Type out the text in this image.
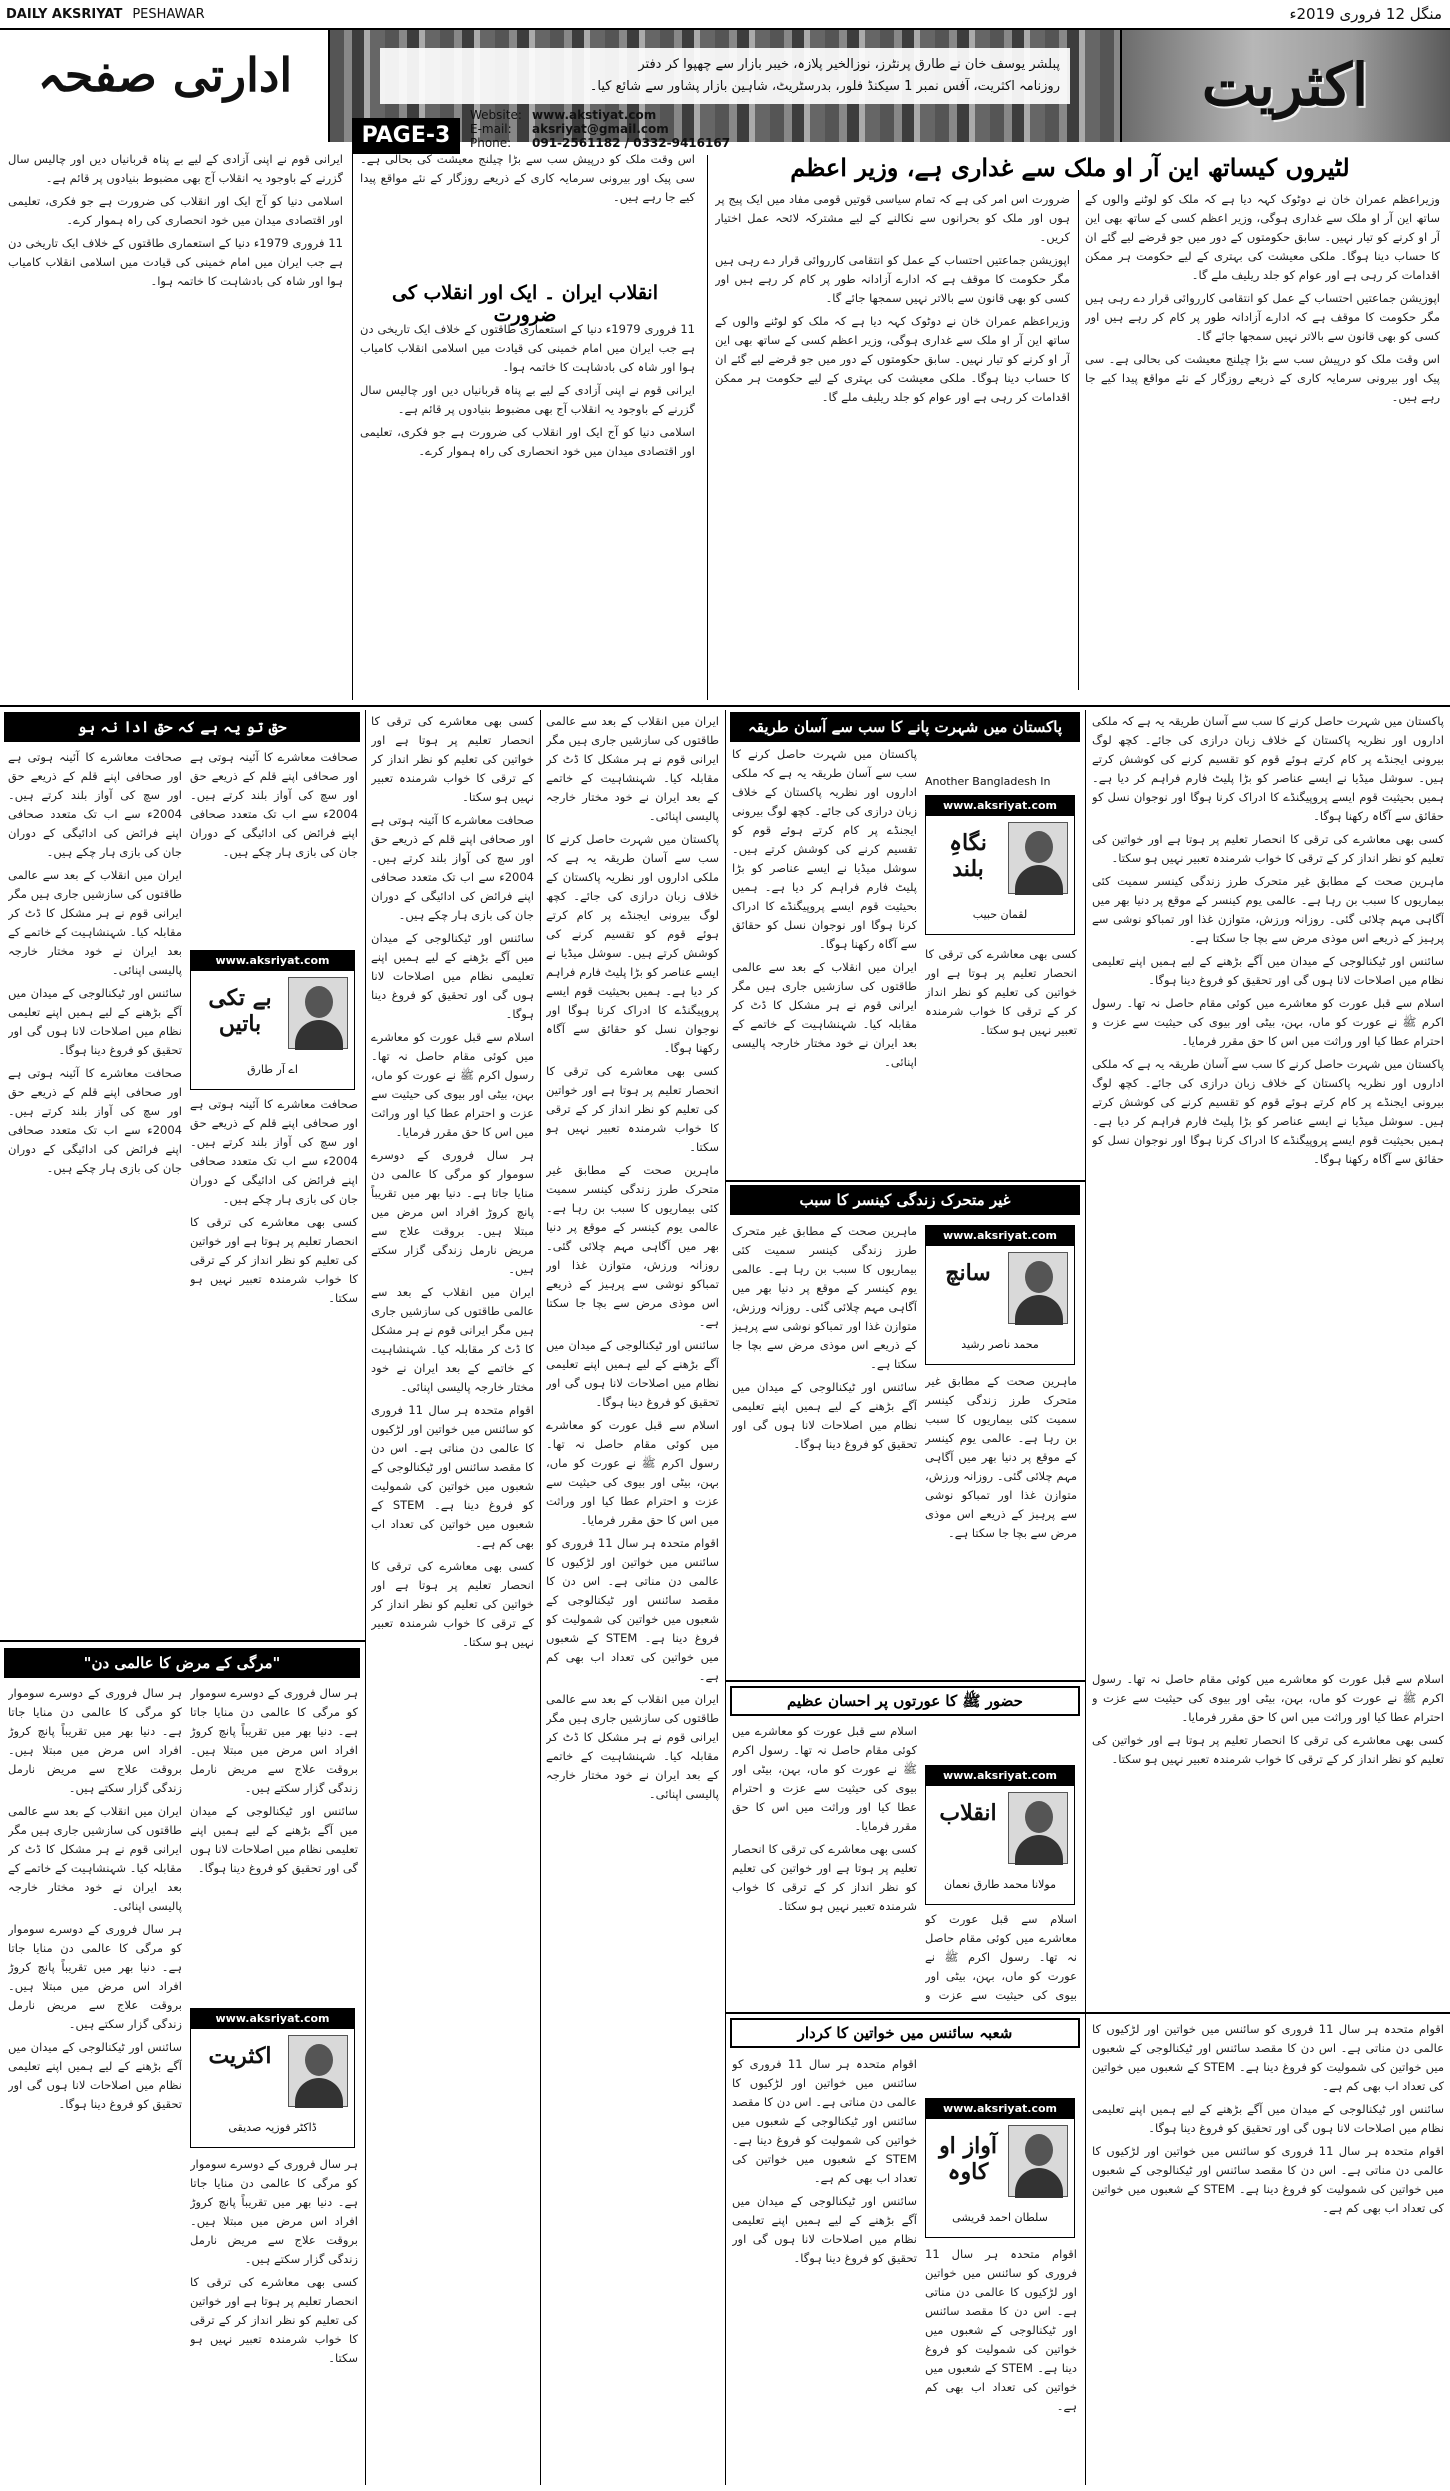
DAILY AKSRIYAT PESHAWAR	منگل 12 فروری 2019ء
ادارتی صفحہ	پبلشر یوسف خان نے طارق پرنٹرز، نوزالخیر پلازہ، خیبر بازار سے چھپوا کر دفتر
روزنامہ اکثریت، آفس نمبر 1 سیکنڈ فلور، بدرسٹریٹ، شاہین بازار پشاور سے شائع کیا۔	اکثریت
PAGE-3
Website: www.akstiyat.com
E-mail:	aksriyat@gmail.com
Phone:	091-2561182 / 0332-9416167
لٹیروں کیساتھ این آر او ملک سے غداری ہے، وزیر اعظم

وزیراعظم عمران خان نے دوٹوک کہہ دیا ہے کہ ملک کو لوٹنے والوں کے ساتھ این آر او ملک سے غداری ہوگی، وزیر اعظم کسی کے ساتھ بھی این آر او کرنے کو تیار نہیں۔ سابق حکومتوں کے دور میں جو قرضے لیے گئے ان کا حساب دینا ہوگا۔ ملکی معیشت کی بہتری کے لیے حکومت ہر ممکن اقدامات کر رہی ہے اور عوام کو جلد ریلیف ملے گا۔

اپوزیشن جماعتیں احتساب کے عمل کو انتقامی کارروائی قرار دے رہی ہیں مگر حکومت کا موقف ہے کہ ادارے آزادانہ طور پر کام کر رہے ہیں اور کسی کو بھی قانون سے بالاتر نہیں سمجھا جائے گا۔

اس وقت ملک کو درپیش سب سے بڑا چیلنج معیشت کی بحالی ہے۔ سی پیک اور بیرونی سرمایہ کاری کے ذریعے روزگار کے نئے مواقع پیدا کیے جا رہے ہیں۔

ضرورت اس امر کی ہے کہ تمام سیاسی قوتیں قومی مفاد میں ایک پیج پر ہوں اور ملک کو بحرانوں سے نکالنے کے لیے مشترکہ لائحہ عمل اختیار کریں۔

اپوزیشن جماعتیں احتساب کے عمل کو انتقامی کارروائی قرار دے رہی ہیں مگر حکومت کا موقف ہے کہ ادارے آزادانہ طور پر کام کر رہے ہیں اور کسی کو بھی قانون سے بالاتر نہیں سمجھا جائے گا۔

وزیراعظم عمران خان نے دوٹوک کہہ دیا ہے کہ ملک کو لوٹنے والوں کے ساتھ این آر او ملک سے غداری ہوگی، وزیر اعظم کسی کے ساتھ بھی این آر او کرنے کو تیار نہیں۔ سابق حکومتوں کے دور میں جو قرضے لیے گئے ان کا حساب دینا ہوگا۔ ملکی معیشت کی بہتری کے لیے حکومت ہر ممکن اقدامات کر رہی ہے اور عوام کو جلد ریلیف ملے گا۔

اس وقت ملک کو درپیش سب سے بڑا چیلنج معیشت کی بحالی ہے۔ سی پیک اور بیرونی سرمایہ کاری کے ذریعے روزگار کے نئے مواقع پیدا کیے جا رہے ہیں۔

انقلاب ایران ۔ ایک اور انقلاب کی ضرورت

11 فروری 1979ء دنیا کے استعماری طاقتوں کے خلاف ایک تاریخی دن ہے جب ایران میں امام خمینی کی قیادت میں اسلامی انقلاب کامیاب ہوا اور شاہ کی بادشاہت کا خاتمہ ہوا۔

ایرانی قوم نے اپنی آزادی کے لیے بے پناہ قربانیاں دیں اور چالیس سال گزرنے کے باوجود یہ انقلاب آج بھی مضبوط بنیادوں پر قائم ہے۔

اسلامی دنیا کو آج ایک اور انقلاب کی ضرورت ہے جو فکری، تعلیمی اور اقتصادی میدان میں خود انحصاری کی راہ ہموار کرے۔

ایرانی قوم نے اپنی آزادی کے لیے بے پناہ قربانیاں دیں اور چالیس سال گزرنے کے باوجود یہ انقلاب آج بھی مضبوط بنیادوں پر قائم ہے۔

اسلامی دنیا کو آج ایک اور انقلاب کی ضرورت ہے جو فکری، تعلیمی اور اقتصادی میدان میں خود انحصاری کی راہ ہموار کرے۔

11 فروری 1979ء دنیا کے استعماری طاقتوں کے خلاف ایک تاریخی دن ہے جب ایران میں امام خمینی کی قیادت میں اسلامی انقلاب کامیاب ہوا اور شاہ کی بادشاہت کا خاتمہ ہوا۔

پاکستان میں شہرت حاصل کرنے کا سب سے آسان طریقہ یہ ہے کہ ملکی اداروں اور نظریہ پاکستان کے خلاف زبان درازی کی جائے۔ کچھ لوگ بیرونی ایجنڈے پر کام کرتے ہوئے قوم کو تقسیم کرنے کی کوشش کرتے ہیں۔ سوشل میڈیا نے ایسے عناصر کو بڑا پلیٹ فارم فراہم کر دیا ہے۔ ہمیں بحیثیت قوم ایسے پروپیگنڈے کا ادراک کرنا ہوگا اور نوجوان نسل کو حقائق سے آگاہ رکھنا ہوگا۔

کسی بھی معاشرے کی ترقی کا انحصار تعلیم پر ہوتا ہے اور خواتین کی تعلیم کو نظر انداز کر کے ترقی کا خواب شرمندہ تعبیر نہیں ہو سکتا۔

ماہرین صحت کے مطابق غیر متحرک طرز زندگی کینسر سمیت کئی بیماریوں کا سبب بن رہا ہے۔ عالمی یوم کینسر کے موقع پر دنیا بھر میں آگاہی مہم چلائی گئی۔ روزانہ ورزش، متوازن غذا اور تمباکو نوشی سے پرہیز کے ذریعے اس موذی مرض سے بچا جا سکتا ہے۔

سائنس اور ٹیکنالوجی کے میدان میں آگے بڑھنے کے لیے ہمیں اپنے تعلیمی نظام میں اصلاحات لانا ہوں گی اور تحقیق کو فروغ دینا ہوگا۔

اسلام سے قبل عورت کو معاشرے میں کوئی مقام حاصل نہ تھا۔ رسول اکرم ﷺ نے عورت کو ماں، بہن، بیٹی اور بیوی کی حیثیت سے عزت و احترام عطا کیا اور وراثت میں اس کا حق مقرر فرمایا۔

پاکستان میں شہرت حاصل کرنے کا سب سے آسان طریقہ یہ ہے کہ ملکی اداروں اور نظریہ پاکستان کے خلاف زبان درازی کی جائے۔ کچھ لوگ بیرونی ایجنڈے پر کام کرتے ہوئے قوم کو تقسیم کرنے کی کوشش کرتے ہیں۔ سوشل میڈیا نے ایسے عناصر کو بڑا پلیٹ فارم فراہم کر دیا ہے۔ ہمیں بحیثیت قوم ایسے پروپیگنڈے کا ادراک کرنا ہوگا اور نوجوان نسل کو حقائق سے آگاہ رکھنا ہوگا۔

اسلام سے قبل عورت کو معاشرے میں کوئی مقام حاصل نہ تھا۔ رسول اکرم ﷺ نے عورت کو ماں، بہن، بیٹی اور بیوی کی حیثیت سے عزت و احترام عطا کیا اور وراثت میں اس کا حق مقرر فرمایا۔

کسی بھی معاشرے کی ترقی کا انحصار تعلیم پر ہوتا ہے اور خواتین کی تعلیم کو نظر انداز کر کے ترقی کا خواب شرمندہ تعبیر نہیں ہو سکتا۔

اقوام متحدہ ہر سال 11 فروری کو سائنس میں خواتین اور لڑکیوں کا عالمی دن مناتی ہے۔ اس دن کا مقصد سائنس اور ٹیکنالوجی کے شعبوں میں خواتین کی شمولیت کو فروغ دینا ہے۔ STEM کے شعبوں میں خواتین کی تعداد اب بھی کم ہے۔

سائنس اور ٹیکنالوجی کے میدان میں آگے بڑھنے کے لیے ہمیں اپنے تعلیمی نظام میں اصلاحات لانا ہوں گی اور تحقیق کو فروغ دینا ہوگا۔

اقوام متحدہ ہر سال 11 فروری کو سائنس میں خواتین اور لڑکیوں کا عالمی دن مناتی ہے۔ اس دن کا مقصد سائنس اور ٹیکنالوجی کے شعبوں میں خواتین کی شمولیت کو فروغ دینا ہے۔ STEM کے شعبوں میں خواتین کی تعداد اب بھی کم ہے۔

پاکستان میں شہرت پانے کا سب سے آسان طریقہ
www.aksriyat.com
نگاہِ بلند
لقمان حبیب
Another Bangladesh In

پاکستان میں شہرت حاصل کرنے کا سب سے آسان طریقہ یہ ہے کہ ملکی اداروں اور نظریہ پاکستان کے خلاف زبان درازی کی جائے۔ کچھ لوگ بیرونی ایجنڈے پر کام کرتے ہوئے قوم کو تقسیم کرنے کی کوشش کرتے ہیں۔ سوشل میڈیا نے ایسے عناصر کو بڑا پلیٹ فارم فراہم کر دیا ہے۔ ہمیں بحیثیت قوم ایسے پروپیگنڈے کا ادراک کرنا ہوگا اور نوجوان نسل کو حقائق سے آگاہ رکھنا ہوگا۔

ایران میں انقلاب کے بعد سے عالمی طاقتوں کی سازشیں جاری ہیں مگر ایرانی قوم نے ہر مشکل کا ڈٹ کر مقابلہ کیا۔ شہنشاہیت کے خاتمے کے بعد ایران نے خود مختار خارجہ پالیسی اپنائی۔

کسی بھی معاشرے کی ترقی کا انحصار تعلیم پر ہوتا ہے اور خواتین کی تعلیم کو نظر انداز کر کے ترقی کا خواب شرمندہ تعبیر نہیں ہو سکتا۔

غیر متحرک زندگی کینسر کا سبب
www.aksriyat.com
سانچ
محمد ناصر رشید

ماہرین صحت کے مطابق غیر متحرک طرز زندگی کینسر سمیت کئی بیماریوں کا سبب بن رہا ہے۔ عالمی یوم کینسر کے موقع پر دنیا بھر میں آگاہی مہم چلائی گئی۔ روزانہ ورزش، متوازن غذا اور تمباکو نوشی سے پرہیز کے ذریعے اس موذی مرض سے بچا جا سکتا ہے۔

سائنس اور ٹیکنالوجی کے میدان میں آگے بڑھنے کے لیے ہمیں اپنے تعلیمی نظام میں اصلاحات لانا ہوں گی اور تحقیق کو فروغ دینا ہوگا۔

ماہرین صحت کے مطابق غیر متحرک طرز زندگی کینسر سمیت کئی بیماریوں کا سبب بن رہا ہے۔ عالمی یوم کینسر کے موقع پر دنیا بھر میں آگاہی مہم چلائی گئی۔ روزانہ ورزش، متوازن غذا اور تمباکو نوشی سے پرہیز کے ذریعے اس موذی مرض سے بچا جا سکتا ہے۔

حضور ﷺ کا عورتوں پر احسان عظیم
www.aksriyat.com
انقلاب
مولانا محمد طارق نعمان

اسلام سے قبل عورت کو معاشرے میں کوئی مقام حاصل نہ تھا۔ رسول اکرم ﷺ نے عورت کو ماں، بہن، بیٹی اور بیوی کی حیثیت سے عزت و احترام عطا کیا اور وراثت میں اس کا حق مقرر فرمایا۔

کسی بھی معاشرے کی ترقی کا انحصار تعلیم پر ہوتا ہے اور خواتین کی تعلیم کو نظر انداز کر کے ترقی کا خواب شرمندہ تعبیر نہیں ہو سکتا۔

اسلام سے قبل عورت کو معاشرے میں کوئی مقام حاصل نہ تھا۔ رسول اکرم ﷺ نے عورت کو ماں، بہن، بیٹی اور بیوی کی حیثیت سے عزت و

شعبہ سائنس میں خواتین کا کردار
www.aksriyat.com
آواز او کاوہ
سلطان احمد قریشی

اقوام متحدہ ہر سال 11 فروری کو سائنس میں خواتین اور لڑکیوں کا عالمی دن مناتی ہے۔ اس دن کا مقصد سائنس اور ٹیکنالوجی کے شعبوں میں خواتین کی شمولیت کو فروغ دینا ہے۔ STEM کے شعبوں میں خواتین کی تعداد اب بھی کم ہے۔

سائنس اور ٹیکنالوجی کے میدان میں آگے بڑھنے کے لیے ہمیں اپنے تعلیمی نظام میں اصلاحات لانا ہوں گی اور تحقیق کو فروغ دینا ہوگا۔ اقوام متحدہ ہر سال 11 فروری کو سائنس میں خواتین اور لڑکیوں کا عالمی دن مناتی ہے۔ اس دن کا مقصد سائنس اور ٹیکنالوجی کے شعبوں میں خواتین کی شمولیت کو فروغ دینا ہے۔ STEM کے شعبوں میں خواتین کی تعداد اب بھی کم ہے۔

ایران میں انقلاب کے بعد سے عالمی طاقتوں کی سازشیں جاری ہیں مگر ایرانی قوم نے ہر مشکل کا ڈٹ کر مقابلہ کیا۔ شہنشاہیت کے خاتمے کے بعد ایران نے خود مختار خارجہ پالیسی اپنائی۔

پاکستان میں شہرت حاصل کرنے کا سب سے آسان طریقہ یہ ہے کہ ملکی اداروں اور نظریہ پاکستان کے خلاف زبان درازی کی جائے۔ کچھ لوگ بیرونی ایجنڈے پر کام کرتے ہوئے قوم کو تقسیم کرنے کی کوشش کرتے ہیں۔ سوشل میڈیا نے ایسے عناصر کو بڑا پلیٹ فارم فراہم کر دیا ہے۔ ہمیں بحیثیت قوم ایسے پروپیگنڈے کا ادراک کرنا ہوگا اور نوجوان نسل کو حقائق سے آگاہ رکھنا ہوگا۔

کسی بھی معاشرے کی ترقی کا انحصار تعلیم پر ہوتا ہے اور خواتین کی تعلیم کو نظر انداز کر کے ترقی کا خواب شرمندہ تعبیر نہیں ہو سکتا۔

ماہرین صحت کے مطابق غیر متحرک طرز زندگی کینسر سمیت کئی بیماریوں کا سبب بن رہا ہے۔ عالمی یوم کینسر کے موقع پر دنیا بھر میں آگاہی مہم چلائی گئی۔ روزانہ ورزش، متوازن غذا اور تمباکو نوشی سے پرہیز کے ذریعے اس موذی مرض سے بچا جا سکتا ہے۔

سائنس اور ٹیکنالوجی کے میدان میں آگے بڑھنے کے لیے ہمیں اپنے تعلیمی نظام میں اصلاحات لانا ہوں گی اور تحقیق کو فروغ دینا ہوگا۔

اسلام سے قبل عورت کو معاشرے میں کوئی مقام حاصل نہ تھا۔ رسول اکرم ﷺ نے عورت کو ماں، بہن، بیٹی اور بیوی کی حیثیت سے عزت و احترام عطا کیا اور وراثت میں اس کا حق مقرر فرمایا۔

اقوام متحدہ ہر سال 11 فروری کو سائنس میں خواتین اور لڑکیوں کا عالمی دن مناتی ہے۔ اس دن کا مقصد سائنس اور ٹیکنالوجی کے شعبوں میں خواتین کی شمولیت کو فروغ دینا ہے۔ STEM کے شعبوں میں خواتین کی تعداد اب بھی کم ہے۔

ایران میں انقلاب کے بعد سے عالمی طاقتوں کی سازشیں جاری ہیں مگر ایرانی قوم نے ہر مشکل کا ڈٹ کر مقابلہ کیا۔ شہنشاہیت کے خاتمے کے بعد ایران نے خود مختار خارجہ پالیسی اپنائی۔

کسی بھی معاشرے کی ترقی کا انحصار تعلیم پر ہوتا ہے اور خواتین کی تعلیم کو نظر انداز کر کے ترقی کا خواب شرمندہ تعبیر نہیں ہو سکتا۔

صحافت معاشرے کا آئینہ ہوتی ہے اور صحافی اپنے قلم کے ذریعے حق اور سچ کی آواز بلند کرتے ہیں۔ 2004ء سے اب تک متعدد صحافی اپنے فرائض کی ادائیگی کے دوران جان کی بازی ہار چکے ہیں۔

سائنس اور ٹیکنالوجی کے میدان میں آگے بڑھنے کے لیے ہمیں اپنے تعلیمی نظام میں اصلاحات لانا ہوں گی اور تحقیق کو فروغ دینا ہوگا۔

اسلام سے قبل عورت کو معاشرے میں کوئی مقام حاصل نہ تھا۔ رسول اکرم ﷺ نے عورت کو ماں، بہن، بیٹی اور بیوی کی حیثیت سے عزت و احترام عطا کیا اور وراثت میں اس کا حق مقرر فرمایا۔

ہر سال فروری کے دوسرے سوموار کو مرگی کا عالمی دن منایا جاتا ہے۔ دنیا بھر میں تقریباً پانچ کروڑ افراد اس مرض میں مبتلا ہیں۔ بروقت علاج سے مریض نارمل زندگی گزار سکتے ہیں۔

ایران میں انقلاب کے بعد سے عالمی طاقتوں کی سازشیں جاری ہیں مگر ایرانی قوم نے ہر مشکل کا ڈٹ کر مقابلہ کیا۔ شہنشاہیت کے خاتمے کے بعد ایران نے خود مختار خارجہ پالیسی اپنائی۔

اقوام متحدہ ہر سال 11 فروری کو سائنس میں خواتین اور لڑکیوں کا عالمی دن مناتی ہے۔ اس دن کا مقصد سائنس اور ٹیکنالوجی کے شعبوں میں خواتین کی شمولیت کو فروغ دینا ہے۔ STEM کے شعبوں میں خواتین کی تعداد اب بھی کم ہے۔

کسی بھی معاشرے کی ترقی کا انحصار تعلیم پر ہوتا ہے اور خواتین کی تعلیم کو نظر انداز کر کے ترقی کا خواب شرمندہ تعبیر نہیں ہو سکتا۔

حق تو یہ ہے کہ حق ادا نہ ہو
www.aksriyat.com
بے تکی باتیں
اے آر طارق

صحافت معاشرے کا آئینہ ہوتی ہے اور صحافی اپنے قلم کے ذریعے حق اور سچ کی آواز بلند کرتے ہیں۔ 2004ء سے اب تک متعدد صحافی اپنے فرائض کی ادائیگی کے دوران جان کی بازی ہار چکے ہیں۔

صحافت معاشرے کا آئینہ ہوتی ہے اور صحافی اپنے قلم کے ذریعے حق اور سچ کی آواز بلند کرتے ہیں۔ 2004ء سے اب تک متعدد صحافی اپنے فرائض کی ادائیگی کے دوران جان کی بازی ہار چکے ہیں۔

کسی بھی معاشرے کی ترقی کا انحصار تعلیم پر ہوتا ہے اور خواتین کی تعلیم کو نظر انداز کر کے ترقی کا خواب شرمندہ تعبیر نہیں ہو سکتا۔

صحافت معاشرے کا آئینہ ہوتی ہے اور صحافی اپنے قلم کے ذریعے حق اور سچ کی آواز بلند کرتے ہیں۔ 2004ء سے اب تک متعدد صحافی اپنے فرائض کی ادائیگی کے دوران جان کی بازی ہار چکے ہیں۔

ایران میں انقلاب کے بعد سے عالمی طاقتوں کی سازشیں جاری ہیں مگر ایرانی قوم نے ہر مشکل کا ڈٹ کر مقابلہ کیا۔ شہنشاہیت کے خاتمے کے بعد ایران نے خود مختار خارجہ پالیسی اپنائی۔

سائنس اور ٹیکنالوجی کے میدان میں آگے بڑھنے کے لیے ہمیں اپنے تعلیمی نظام میں اصلاحات لانا ہوں گی اور تحقیق کو فروغ دینا ہوگا۔

صحافت معاشرے کا آئینہ ہوتی ہے اور صحافی اپنے قلم کے ذریعے حق اور سچ کی آواز بلند کرتے ہیں۔ 2004ء سے اب تک متعدد صحافی اپنے فرائض کی ادائیگی کے دوران جان کی بازی ہار چکے ہیں۔

"مرگی کے مرض کا عالمی دن"
www.aksriyat.com
اکثریت
ڈاکٹر فوزیہ صدیقی

ہر سال فروری کے دوسرے سوموار کو مرگی کا عالمی دن منایا جاتا ہے۔ دنیا بھر میں تقریباً پانچ کروڑ افراد اس مرض میں مبتلا ہیں۔ بروقت علاج سے مریض نارمل زندگی گزار سکتے ہیں۔

سائنس اور ٹیکنالوجی کے میدان میں آگے بڑھنے کے لیے ہمیں اپنے تعلیمی نظام میں اصلاحات لانا ہوں گی اور تحقیق کو فروغ دینا ہوگا۔

ہر سال فروری کے دوسرے سوموار کو مرگی کا عالمی دن منایا جاتا ہے۔ دنیا بھر میں تقریباً پانچ کروڑ افراد اس مرض میں مبتلا ہیں۔ بروقت علاج سے مریض نارمل زندگی گزار سکتے ہیں۔

کسی بھی معاشرے کی ترقی کا انحصار تعلیم پر ہوتا ہے اور خواتین کی تعلیم کو نظر انداز کر کے ترقی کا خواب شرمندہ تعبیر نہیں ہو سکتا۔

ہر سال فروری کے دوسرے سوموار کو مرگی کا عالمی دن منایا جاتا ہے۔ دنیا بھر میں تقریباً پانچ کروڑ افراد اس مرض میں مبتلا ہیں۔ بروقت علاج سے مریض نارمل زندگی گزار سکتے ہیں۔

ایران میں انقلاب کے بعد سے عالمی طاقتوں کی سازشیں جاری ہیں مگر ایرانی قوم نے ہر مشکل کا ڈٹ کر مقابلہ کیا۔ شہنشاہیت کے خاتمے کے بعد ایران نے خود مختار خارجہ پالیسی اپنائی۔

ہر سال فروری کے دوسرے سوموار کو مرگی کا عالمی دن منایا جاتا ہے۔ دنیا بھر میں تقریباً پانچ کروڑ افراد اس مرض میں مبتلا ہیں۔ بروقت علاج سے مریض نارمل زندگی گزار سکتے ہیں۔

سائنس اور ٹیکنالوجی کے میدان میں آگے بڑھنے کے لیے ہمیں اپنے تعلیمی نظام میں اصلاحات لانا ہوں گی اور تحقیق کو فروغ دینا ہوگا۔
